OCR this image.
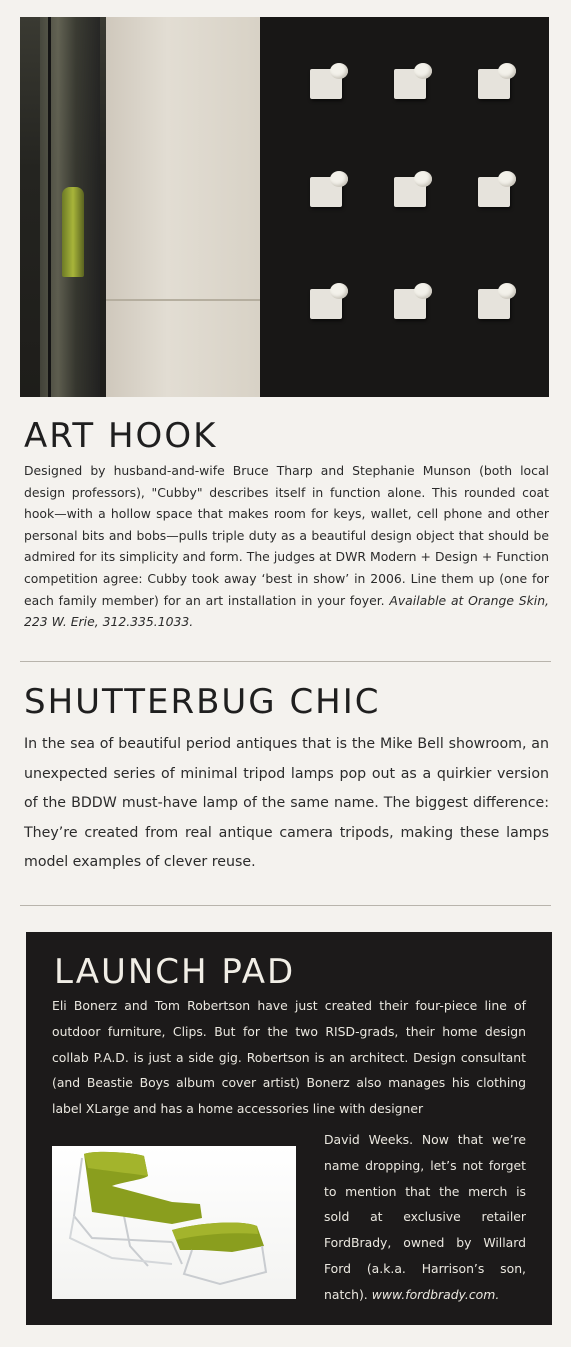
ART HOOK

Designed by husband-and-wife Bruce Tharp and Stephanie Munson (both local design professors), "Cubby" describes itself in function alone. This rounded coat hook—with a hollow space that makes room for keys, wallet, cell phone and other personal bits and bobs—pulls triple duty as a beautiful design object that should be admired for its simplicity and form. The judges at DWR Modern + Design + Function competition agree: Cubby took away ‘best in show’ in 2006. Line them up (one for each family member) for an art installation in your foyer. Available at Orange Skin, 223 W. Erie, 312.335.1033.

SHUTTERBUG CHIC

In the sea of beautiful period antiques that is the Mike Bell showroom, an unexpected series of minimal tripod lamps pop out as a quirkier version of the BDDW must-have lamp of the same name. The biggest difference: They’re created from real antique camera tripods, making these lamps model examples of clever reuse.

LAUNCH PAD

Eli Bonerz and Tom Robertson have just created their four-piece line of outdoor furniture, Clips. But for the two RISD-grads, their home design collab P.A.D. is just a side gig. Robertson is an architect. Design consultant (and Beastie Boys album cover artist) Bonerz also manages his clothing label XLarge and has a home accessories line with designer

David Weeks. Now that we’re name dropping, let’s not forget to mention that the merch is sold at exclusive retailer FordBrady, owned by Willard Ford (a.k.a. Harrison’s son, natch). www.fordbrady.com.
